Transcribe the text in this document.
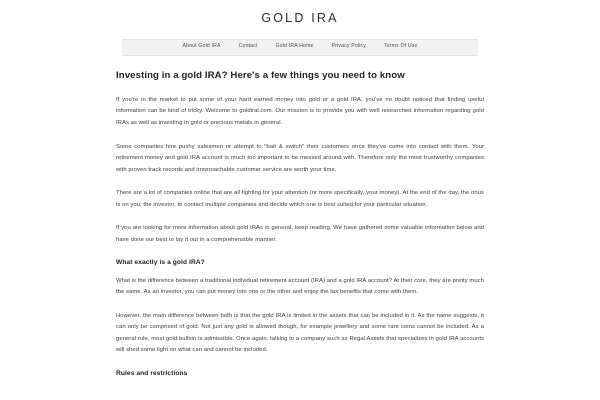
GOLD IRA
About Gold IRA	Contact	Gold IRA Home	Privacy Policy	Terms Of Use
Investing in a gold IRA? Here's a few things you need to know

If you're in the market to put some of your hard earned money into gold or a gold IRA, you've no doubt noticed that finding useful information can be kind of tricky. Welcome to goldiral.com. Our mission is to provide you with well researched information regarding gold IRAs as well as investing in gold or precious metals in general.

Some companies hire pushy salesmen or attempt to "bait & switch" their customers once they've come into contact with them. Your retirement money and gold IRA account is much too important to be messed around with. Therefore only the most trustworthy companies with proven track records and irreproachable customer service are worth your time.

There are a lot of companies online that are all fighting for your attention (or more specifically, your money). At the end of the day, the onus is on you, the investor, to contact multiple companies and decide which one is best suited for your particular situation.

If you are looking for more information about gold IRAs in general, keep reading. We have gathered some valuable information below and have done our best to lay it out in a comprehensible manner.

What exactly is a gold IRA?

What is the difference between a traditional individual retirement account (IRA) and a gold IRA account? At their core, they are pretty much the same. As an investor, you can put money into one or the other and enjoy the tax benefits that come with them.

However, the main difference between both is that the gold IRA is limited in the assets that can be included in it. As the name suggests, it can only be comprised of gold. Not just any gold is allowed though, for example jewellery and some rare coins cannot be included. As a general rule, most gold bullion is admissible. Once again, talking to a company such as Regal Assets that specializes in gold IRA accounts will shed some light on what can and cannot be included.

Rules and restrictions
